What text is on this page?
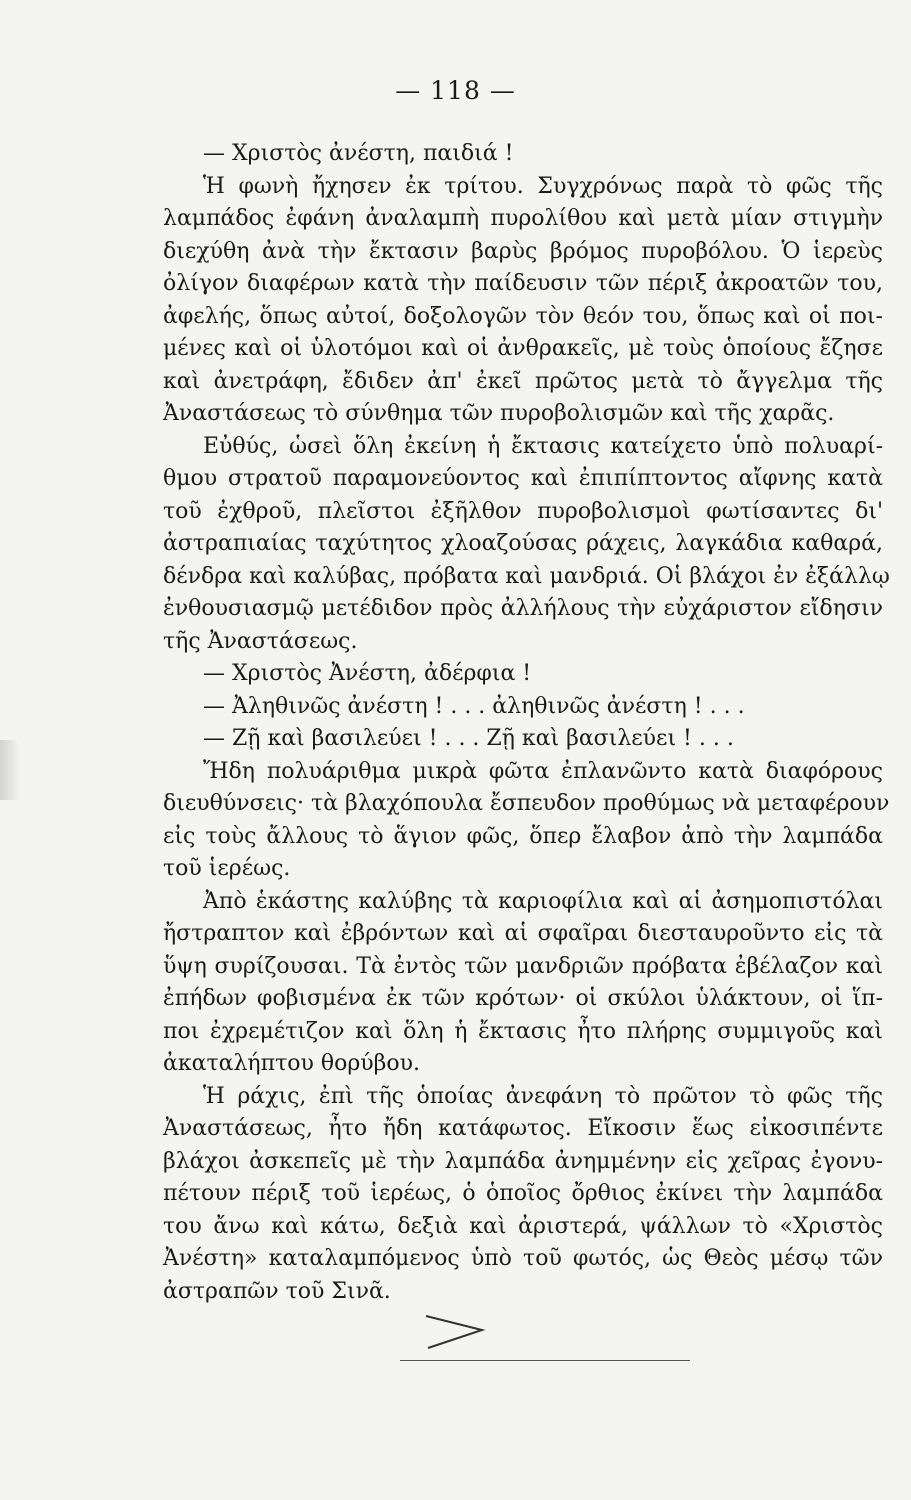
— 118 —
— Χριστὸς ἀνέστη, παιδιά !
Ἡ φωνὴ ἤχησεν ἐκ τρίτου. Συγχρόνως παρὰ τὸ φῶς τῆς
λαμπάδος ἐφάνη ἀναλαμπὴ πυρολίθου καὶ μετὰ μίαν στιγμὴν
διεχύθη ἀνὰ τὴν ἔκτασιν βαρὺς βρόμος πυροβόλου. Ὁ ἱερεὺς
ὀλίγον διαφέρων κατὰ τὴν παίδευσιν τῶν πέριξ ἀκροατῶν του,
ἀφελής, ὅπως αὐτοί, δοξολογῶν τὸν θεόν του, ὅπως καὶ οἱ ποι-
μένες καὶ οἱ ὑλοτόμοι καὶ οἱ ἀνθρακεῖς, μὲ τοὺς ὁποίους ἔζησε
καὶ ἀνετράφη, ἔδιδεν ἀπ' ἐκεῖ πρῶτος μετὰ τὸ ἄγγελμα τῆς
Ἀναστάσεως τὸ σύνθημα τῶν πυροβολισμῶν καὶ τῆς χαρᾶς.
Εὐθύς, ὡσεὶ ὅλη ἐκείνη ἡ ἔκτασις κατείχετο ὑπὸ πολυαρί-
θμου στρατοῦ παραμονεύοντος καὶ ἐπιπίπτοντος αἴφνης κατὰ
τοῦ ἐχθροῦ, πλεῖστοι ἐξῆλθον πυροβολισμοὶ φωτίσαντες δι'
ἀστραπιαίας ταχύτητος χλοαζούσας ράχεις, λαγκάδια καθαρά,
δένδρα καὶ καλύβας, πρόβατα καὶ μανδριά. Οἱ βλάχοι ἐν ἐξάλλῳ
ἐνθουσιασμῷ μετέδιδον πρὸς ἀλλήλους τὴν εὐχάριστον εἴδησιν
τῆς Ἀναστάσεως.
— Χριστὸς Ἀνέστη, ἀδέρφια !
— Ἀληθινῶς ἀνέστη ! . . . ἀληθινῶς ἀνέστη ! . . .
— Ζῇ καὶ βασιλεύει ! . . . Ζῇ καὶ βασιλεύει ! . . .
Ἤδη πολυάριθμα μικρὰ φῶτα ἐπλανῶντο κατὰ διαφόρους
διευθύνσεις· τὰ βλαχόπουλα ἔσπευδον προθύμως νὰ μεταφέρουν
εἰς τοὺς ἄλλους τὸ ἅγιον φῶς, ὅπερ ἔλαβον ἀπὸ τὴν λαμπάδα
τοῦ ἱερέως.
Ἀπὸ ἑκάστης καλύβης τὰ καριοφίλια καὶ αἱ ἀσημοπιστόλαι
ἤστραπτον καὶ ἐβρόντων καὶ αἱ σφαῖραι διεσταυροῦντο εἰς τὰ
ὕψη συρίζουσαι. Τὰ ἐντὸς τῶν μανδριῶν πρόβατα ἐβέλαζον καὶ
ἐπήδων φοβισμένα ἐκ τῶν κρότων· οἱ σκύλοι ὑλάκτουν, οἱ ἵπ-
ποι ἐχρεμέτιζον καὶ ὅλη ἡ ἔκτασις ἦτο πλήρης συμμιγοῦς καὶ
ἀκαταλήπτου θορύβου.
Ἡ ράχις, ἐπὶ τῆς ὁποίας ἀνεφάνη τὸ πρῶτον τὸ φῶς τῆς
Ἀναστάσεως, ἦτο ἤδη κατάφωτος. Εἴκοσιν ἕως εἰκοσιπέντε
βλάχοι ἀσκεπεῖς μὲ τὴν λαμπάδα ἀνημμένην εἰς χεῖρας ἐγονυ-
πέτουν πέριξ τοῦ ἱερέως, ὁ ὁποῖος ὄρθιος ἐκίνει τὴν λαμπάδα
του ἄνω καὶ κάτω, δεξιὰ καὶ ἀριστερά, ψάλλων τὸ «Χριστὸς
Ἀνέστη» καταλαμπόμενος ὑπὸ τοῦ φωτός, ὡς Θεὸς μέσῳ τῶν
ἀστραπῶν τοῦ Σινᾶ.
